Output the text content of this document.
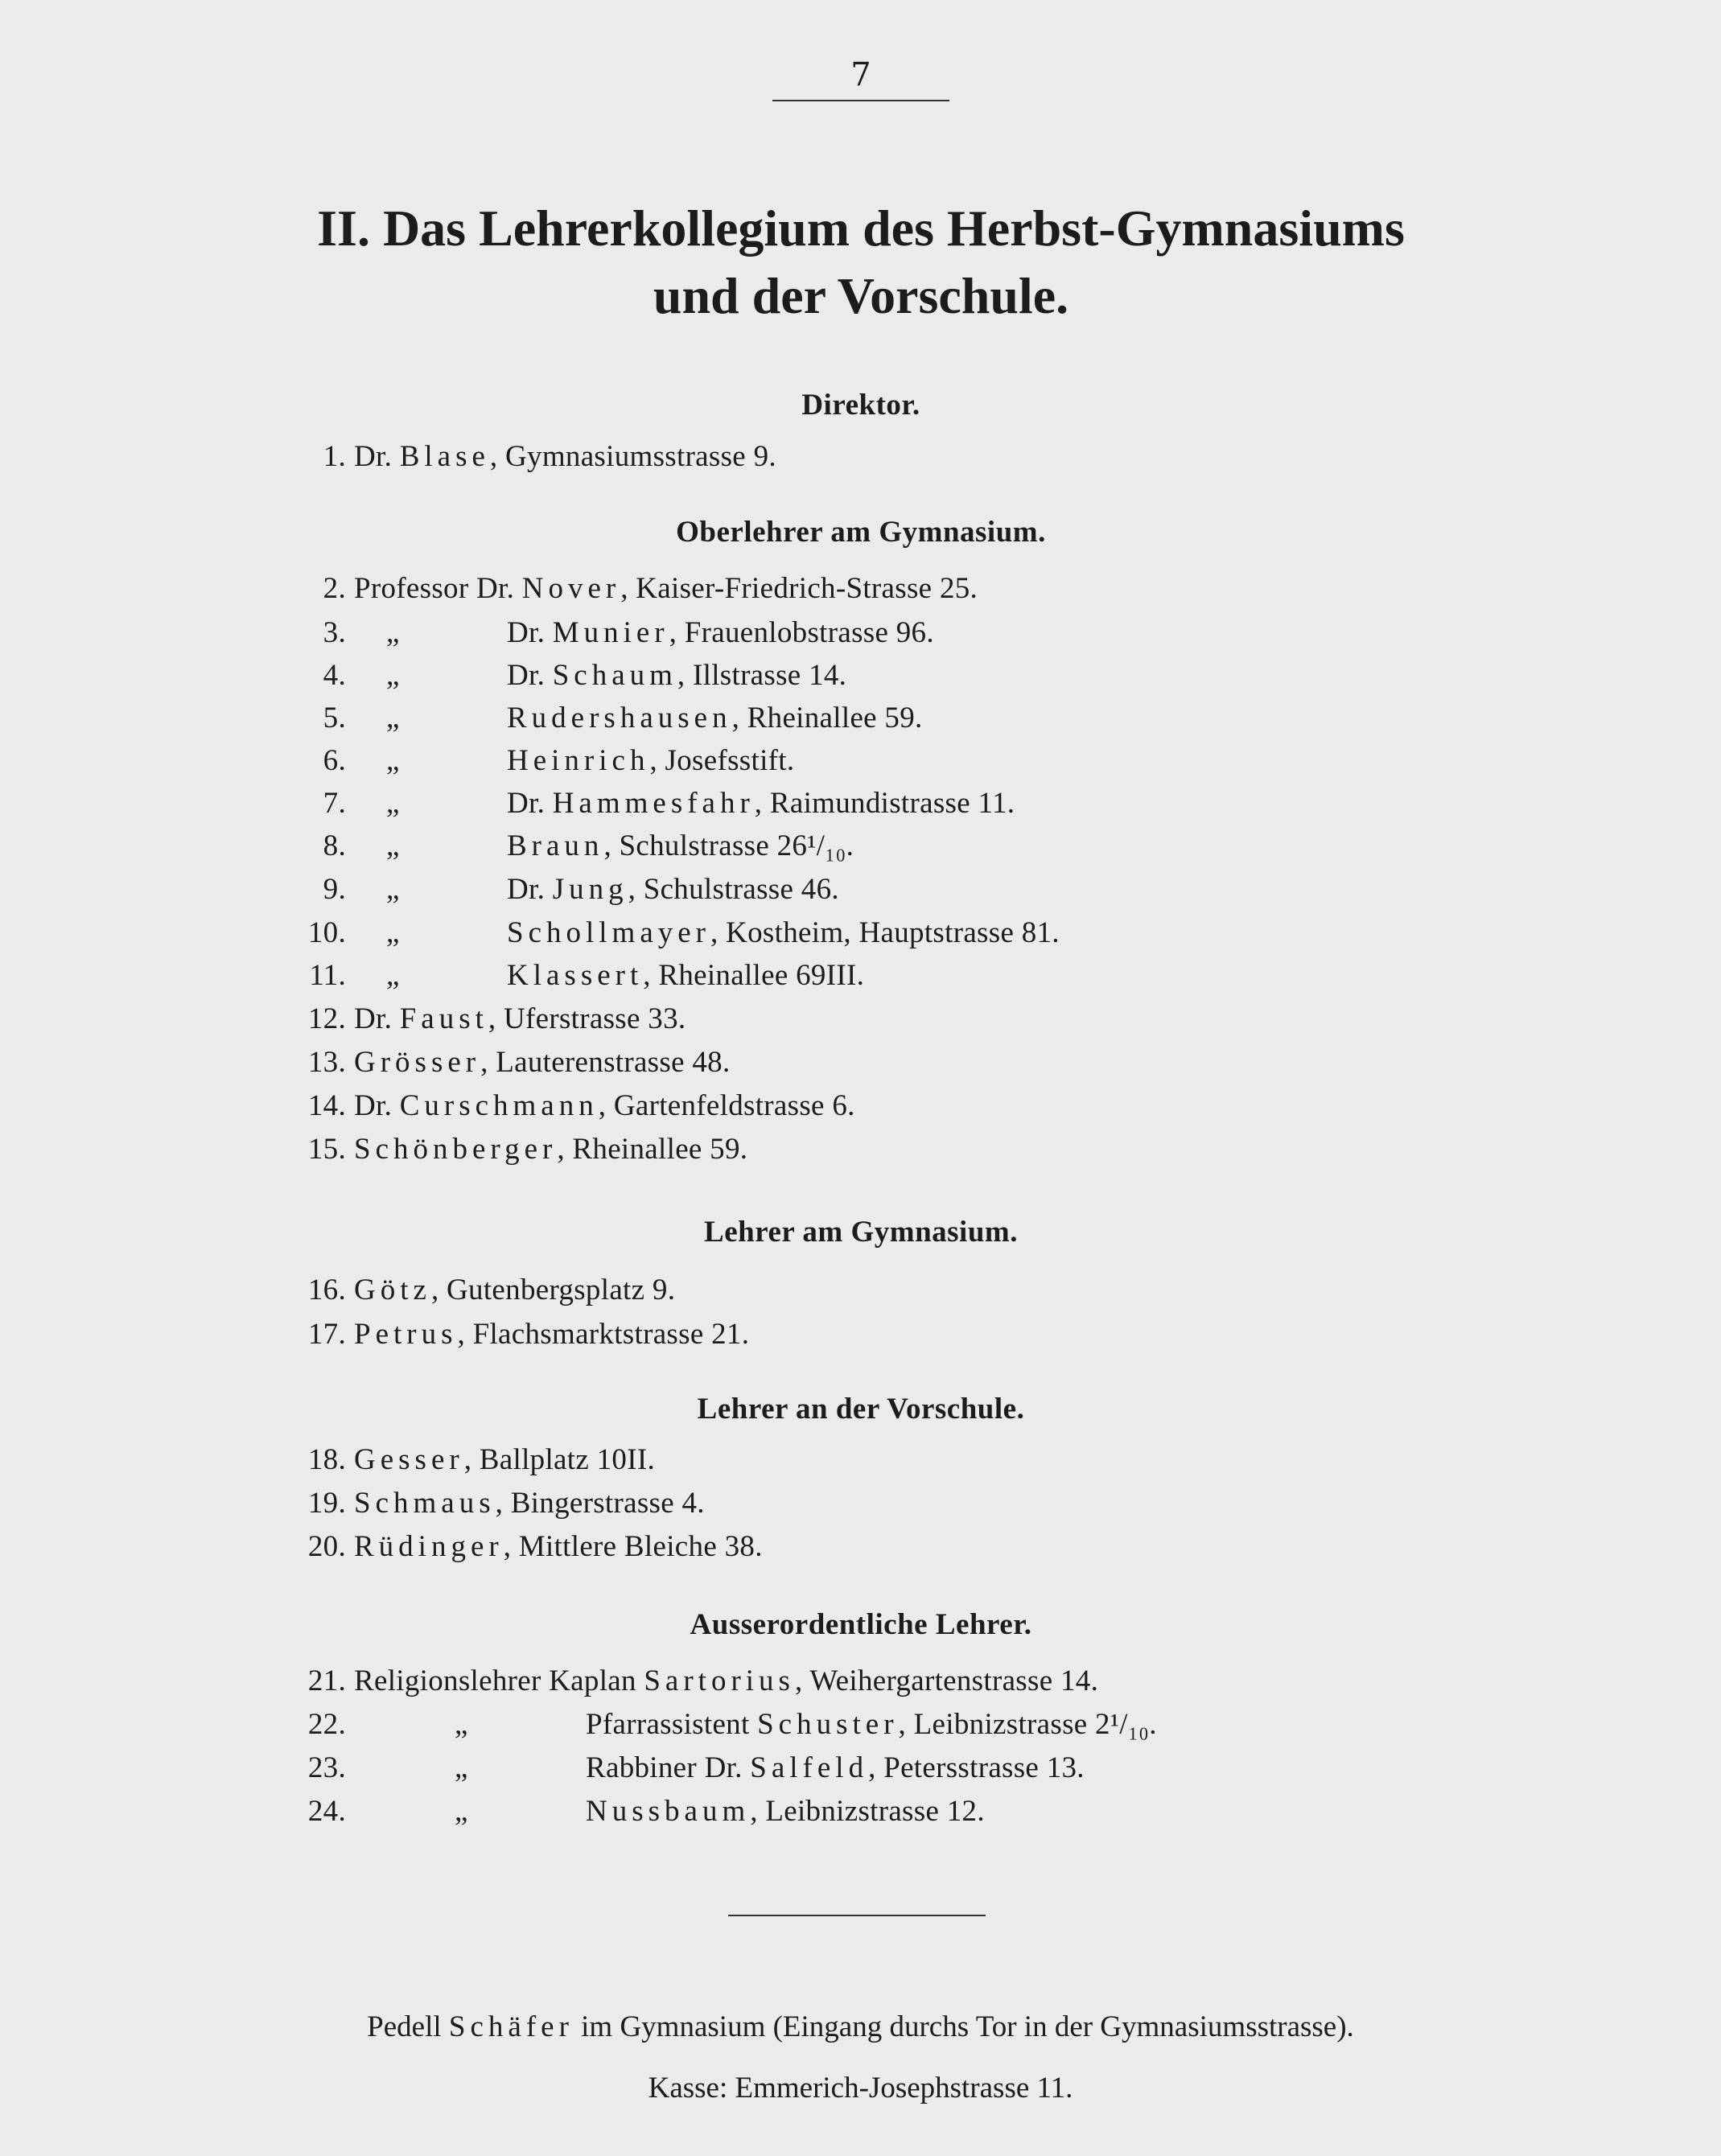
7
II. Das Lehrerkollegium des Herbst-Gymnasiums
und der Vorschule.
Direktor.
Oberlehrer am Gymnasium.
Lehrer am Gymnasium.
Lehrer an der Vorschule.
Ausserordentliche Lehrer.
1. Dr. Blase, Gymnasiumsstrasse 9.
2. Professor Dr. Nover, Kaiser-Friedrich-Strasse 25.
3. „	Dr. Munier, Frauenlobstrasse 96.
4. „	Dr. Schaum, Illstrasse 14.
5. „	Rudershausen, Rheinallee 59.
6. „	Heinrich, Josefsstift.
7. „	Dr. Hammesfahr, Raimundistrasse 11.
8. „	Braun, Schulstrasse 26¹/₁₀.
9. „	Dr. Jung, Schulstrasse 46.
10. „	Schollmayer, Kostheim, Hauptstrasse 81.
11. „	Klassert, Rheinallee 69III.
12. Dr. Faust, Uferstrasse 33.
13. Grösser, Lauterenstrasse 48.
14. Dr. Curschmann, Gartenfeldstrasse 6.
15. Schönberger, Rheinallee 59.
16. Götz, Gutenbergsplatz 9.
17. Petrus, Flachsmarktstrasse 21.
18. Gesser, Ballplatz 10II.
19. Schmaus, Bingerstrasse 4.
20. Rüdinger, Mittlere Bleiche 38.
21. Religionslehrer Kaplan Sartorius, Weihergartenstrasse 14.
22.	„	Pfarrassistent Schuster, Leibnizstrasse 2¹/₁₀.
23.	„	Rabbiner Dr. Salfeld, Petersstrasse 13.
24.	„	Nussbaum, Leibnizstrasse 12.
Pedell Schäfer im Gymnasium (Eingang durchs Tor in der Gymnasiumsstrasse).
Kasse: Emmerich-Josephstrasse 11.
